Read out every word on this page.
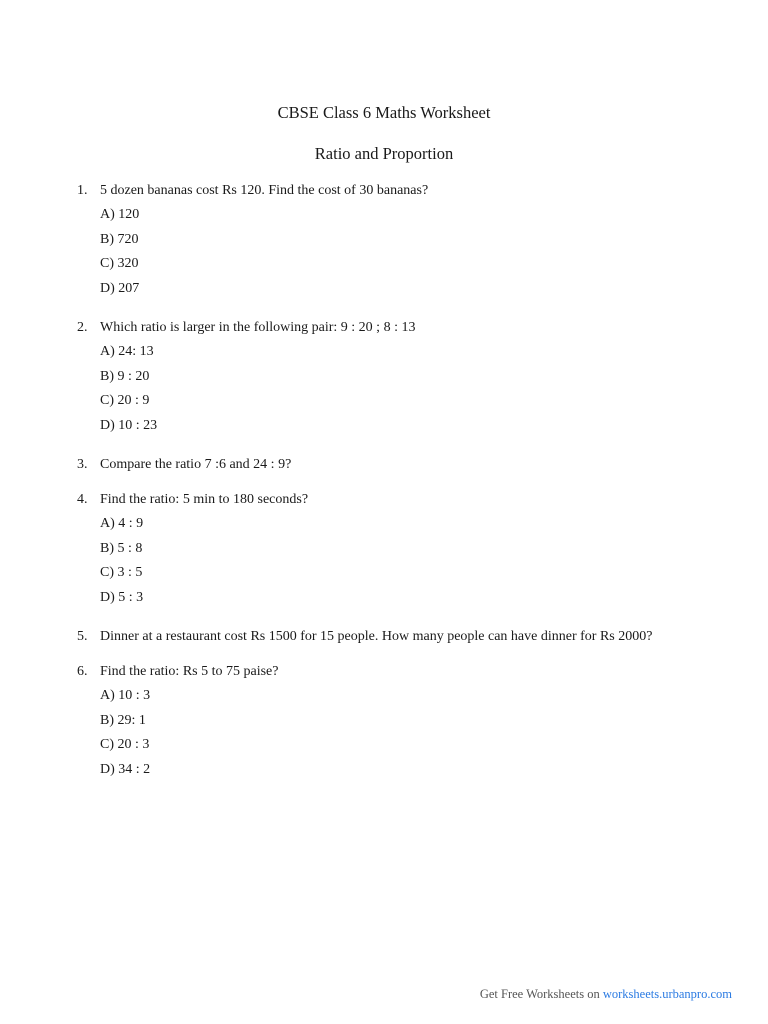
CBSE Class 6 Maths Worksheet
Ratio and Proportion
1. 5 dozen bananas cost Rs 120. Find the cost of 30 bananas?
A) 120
B) 720
C) 320
D) 207
2. Which ratio is larger in the following pair: 9 : 20 ; 8 : 13
A) 24: 13
B) 9 : 20
C) 20 : 9
D) 10 : 23
3. Compare the ratio 7 :6 and 24 : 9?
4. Find the ratio: 5 min to 180 seconds?
A) 4 : 9
B) 5 : 8
C) 3 : 5
D) 5 : 3
5. Dinner at a restaurant cost Rs 1500 for 15 people. How many people can have dinner for Rs 2000?
6. Find the ratio: Rs 5 to 75 paise?
A) 10 : 3
B) 29: 1
C) 20 : 3
D) 34 : 2
Get Free Worksheets on worksheets.urbanpro.com
